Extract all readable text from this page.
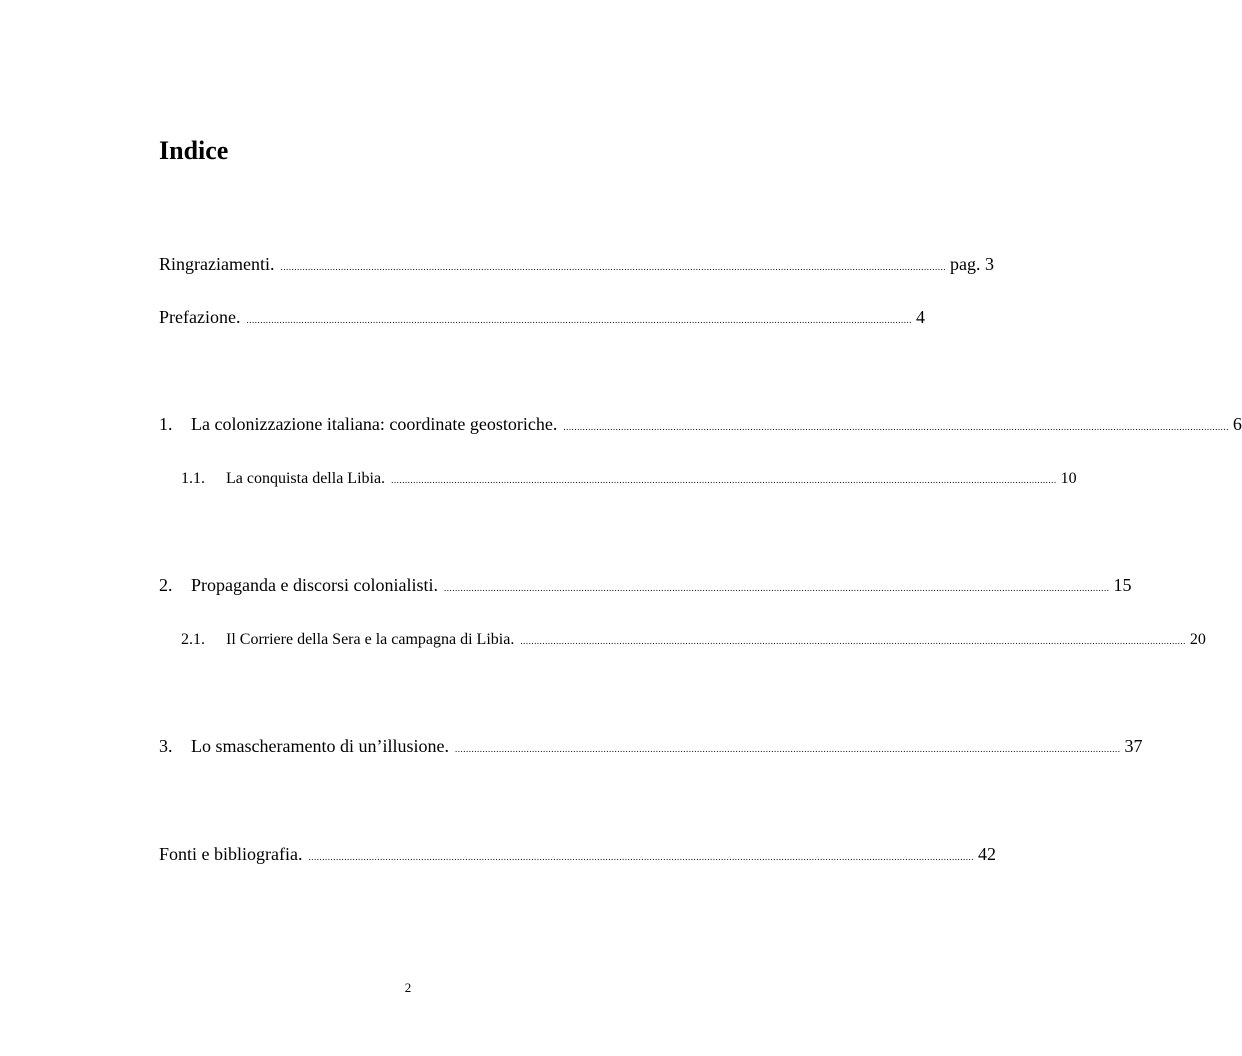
Indice
Ringraziamenti. .................................................................................................................................................................................................................................................. pag. 3
Prefazione. .................................................................................................................................................................................................................................................. 4
1.	La colonizzazione italiana: coordinate geostoriche. .................................................................................................................................................................................................................................................. 6
1.1.	La conquista della Libia. .................................................................................................................................................................................................................................................. 10
2.	Propaganda e discorsi colonialisti. .................................................................................................................................................................................................................................................. 15
2.1.	Il Corriere della Sera e la campagna di Libia. .................................................................................................................................................................................................................................................. 20
3.	Lo smascheramento di un’illusione. .................................................................................................................................................................................................................................................. 37
Fonti e bibliografia. .................................................................................................................................................................................................................................................. 42
2
